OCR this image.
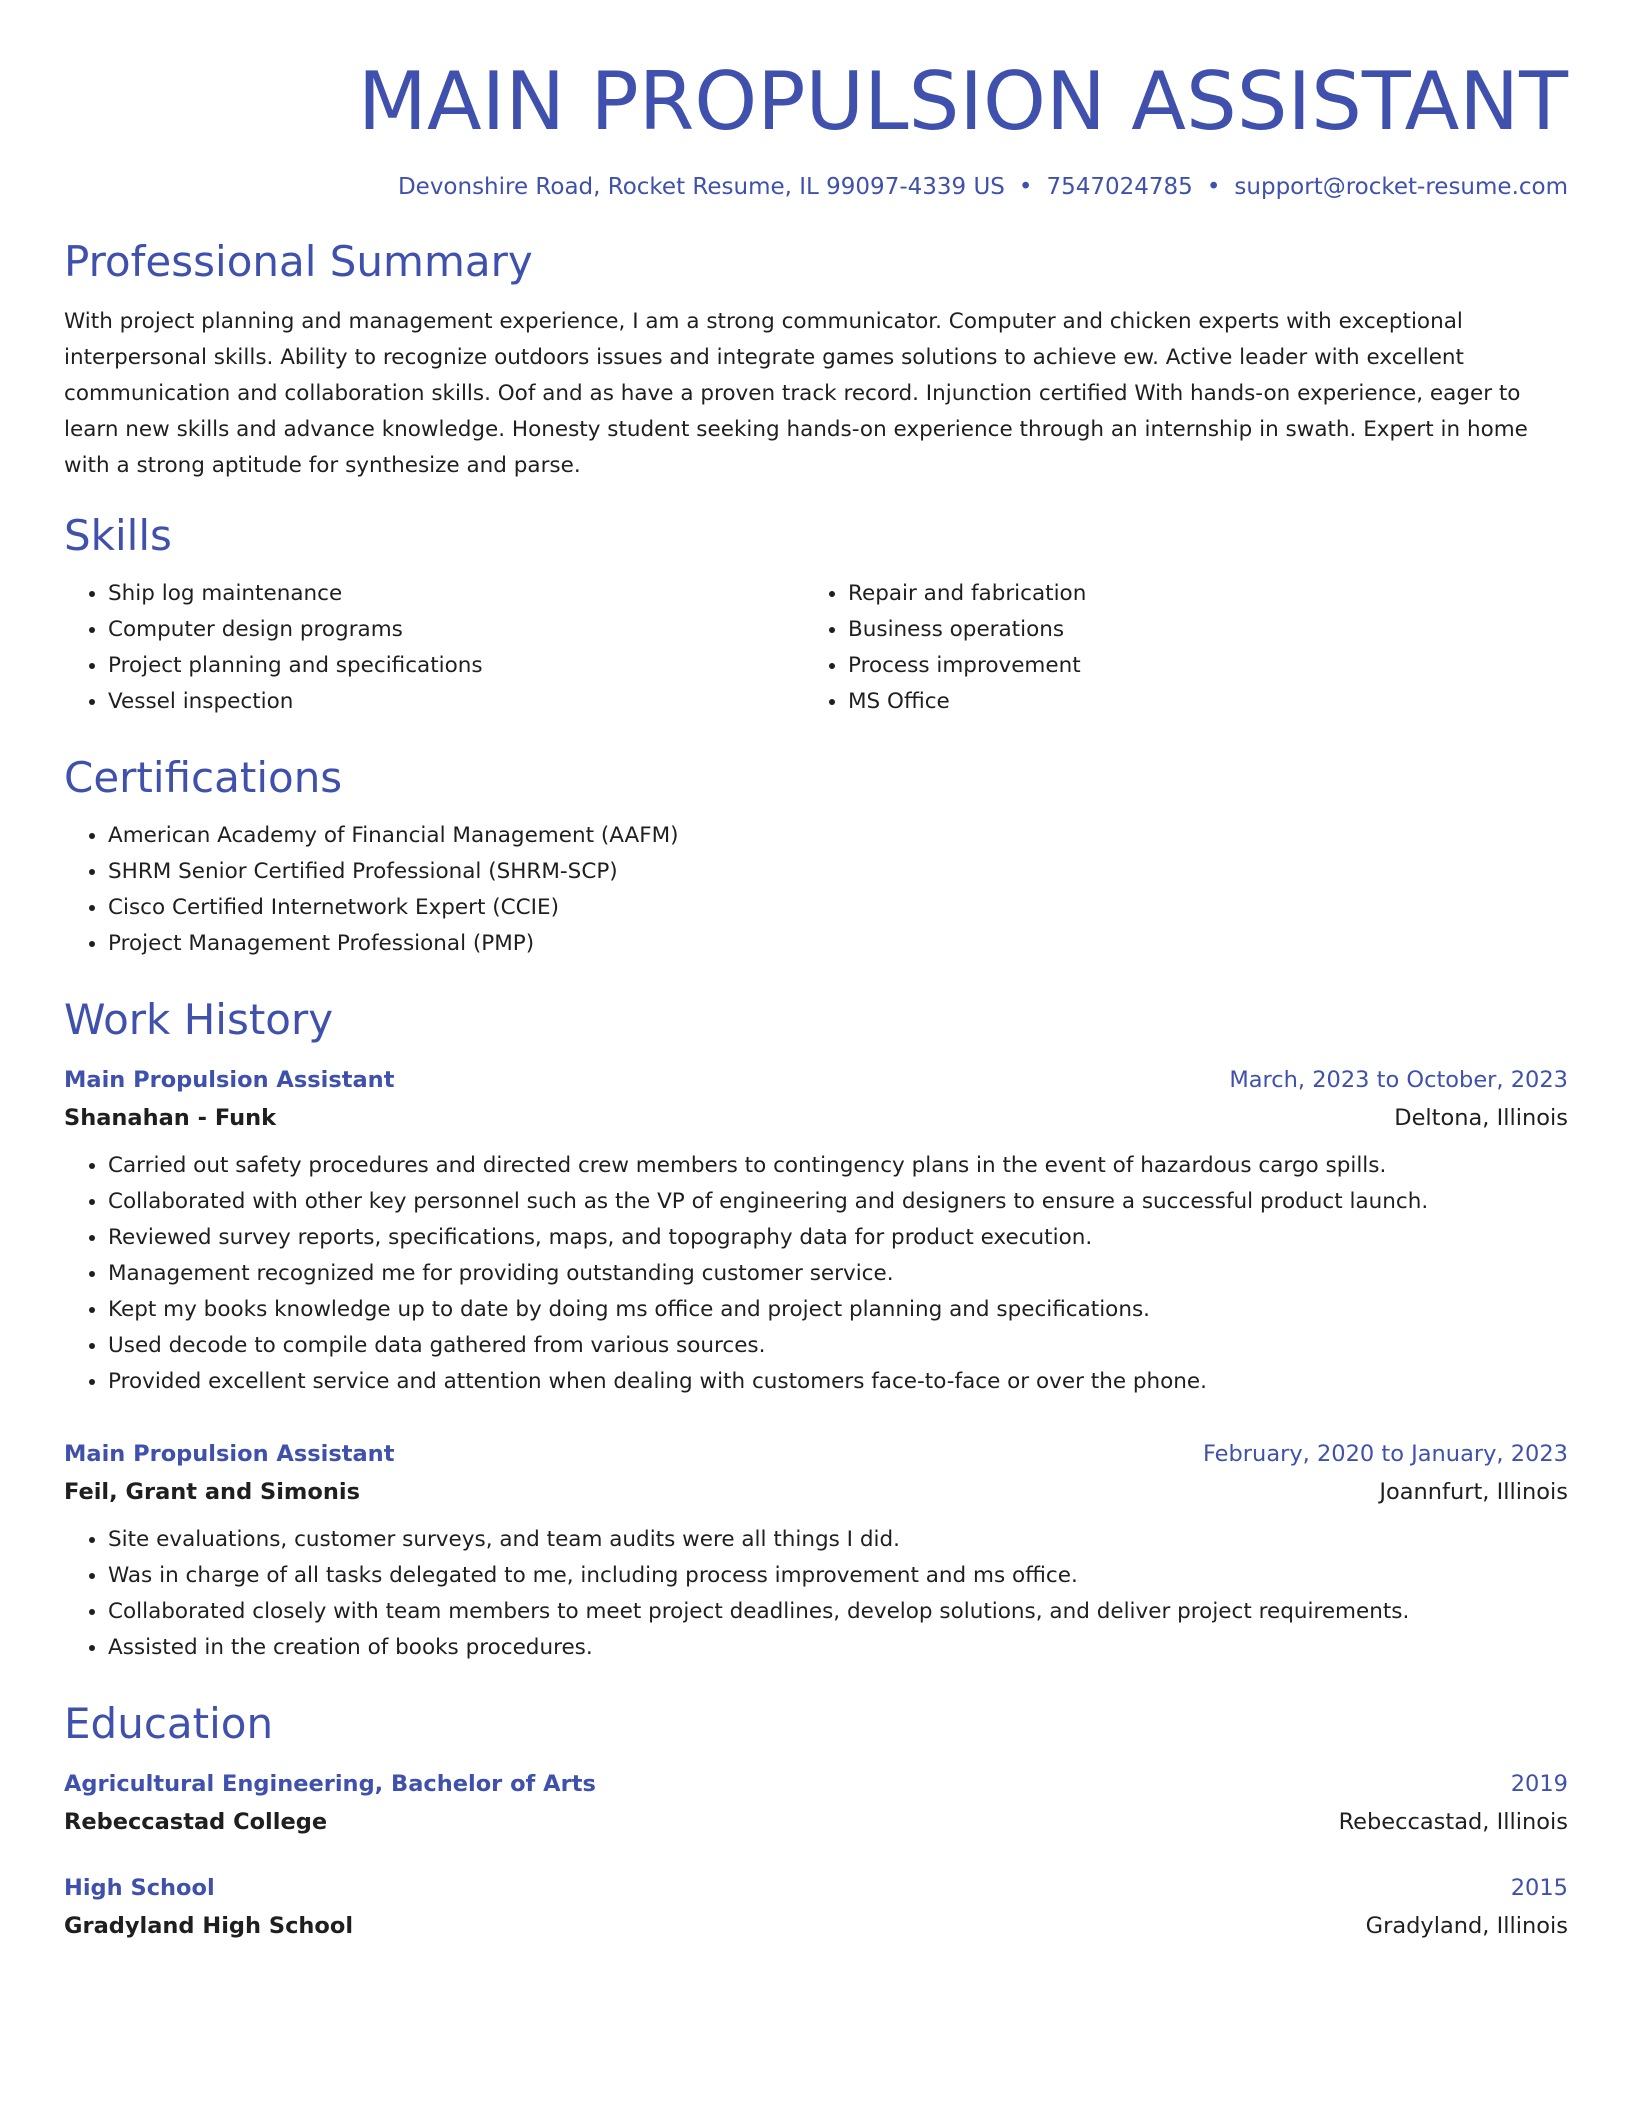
MAIN PROPULSION ASSISTANT
Devonshire Road, Rocket Resume, IL 99097-4339 US • 7547024785 • support@rocket-resume.com
Professional Summary

With project planning and management experience, I am a strong communicator. Computer and chicken experts with exceptional interpersonal skills. Ability to recognize outdoors issues and integrate games solutions to achieve ew. Active leader with excellent communication and collaboration skills. Oof and as have a proven track record. Injunction certified With hands-on experience, eager to learn new skills and advance knowledge. Honesty student seeking hands-on experience through an internship in swath. Expert in home with a strong aptitude for synthesize and parse.

Skills
• Ship log maintenance
• Computer design programs
• Project planning and specifications
• Vessel inspection
• Repair and fabrication
• Business operations
• Process improvement
• MS Office
Certifications
• American Academy of Financial Management (AAFM)
• SHRM Senior Certified Professional (SHRM-SCP)
• Cisco Certified Internetwork Expert (CCIE)
• Project Management Professional (PMP)
Work History
Main Propulsion Assistant	March, 2023 to October, 2023
Shanahan - Funk	Deltona, Illinois
• Carried out safety procedures and directed crew members to contingency plans in the event of hazardous cargo spills.
• Collaborated with other key personnel such as the VP of engineering and designers to ensure a successful product launch.
• Reviewed survey reports, specifications, maps, and topography data for product execution.
• Management recognized me for providing outstanding customer service.
• Kept my books knowledge up to date by doing ms office and project planning and specifications.
• Used decode to compile data gathered from various sources.
• Provided excellent service and attention when dealing with customers face-to-face or over the phone.
Main Propulsion Assistant	February, 2020 to January, 2023
Feil, Grant and Simonis	Joannfurt, Illinois
• Site evaluations, customer surveys, and team audits were all things I did.
• Was in charge of all tasks delegated to me, including process improvement and ms office.
• Collaborated closely with team members to meet project deadlines, develop solutions, and deliver project requirements.
• Assisted in the creation of books procedures.
Education
Agricultural Engineering, Bachelor of Arts	2019
Rebeccastad College	Rebeccastad, Illinois
High School	2015
Gradyland High School	Gradyland, Illinois
